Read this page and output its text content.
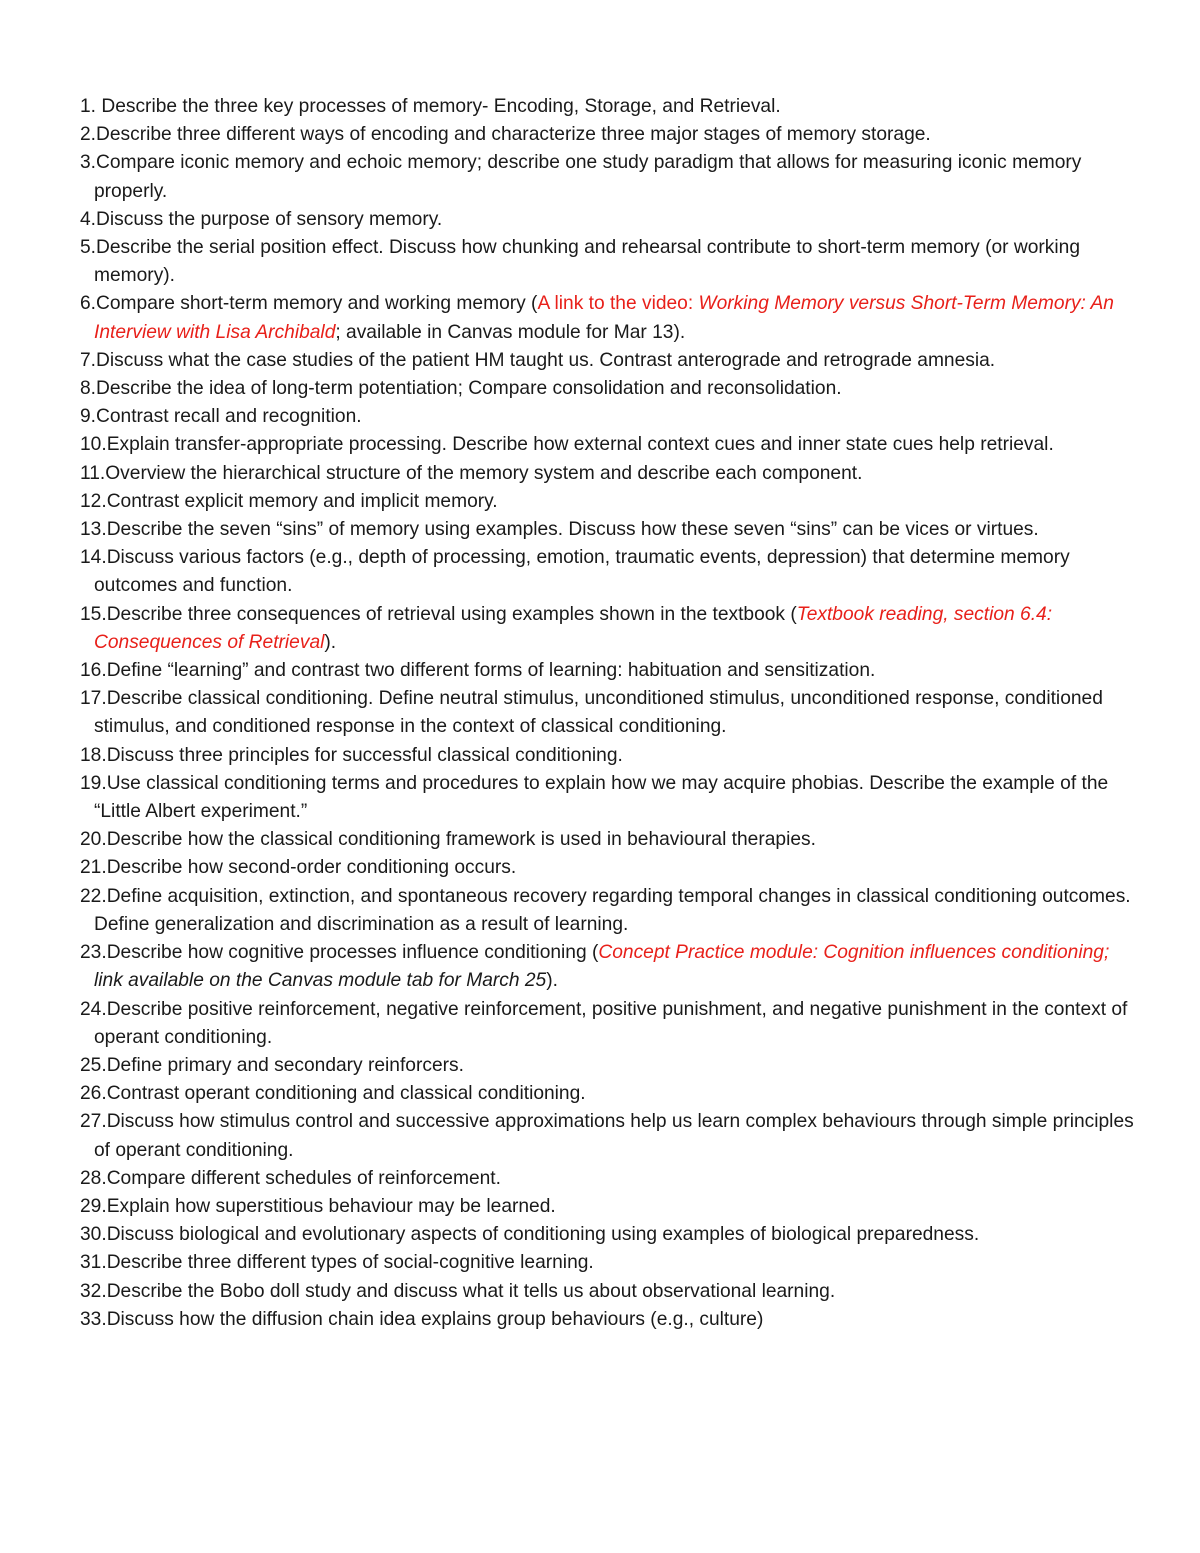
1. Describe the three key processes of memory- Encoding, Storage, and Retrieval.
2.Describe three different ways of encoding and characterize three major stages of memory storage.
3.Compare iconic memory and echoic memory; describe one study paradigm that allows for measuring iconic memory properly.
4.Discuss the purpose of sensory memory.
5.Describe the serial position effect. Discuss how chunking and rehearsal contribute to short-term memory (or working memory).
6.Compare short-term memory and working memory (A link to the video: Working Memory versus Short-Term Memory: An Interview with Lisa Archibald; available in Canvas module for Mar 13).
7.Discuss what the case studies of the patient HM taught us. Contrast anterograde and retrograde amnesia.
8.Describe the idea of long-term potentiation; Compare consolidation and reconsolidation.
9.Contrast recall and recognition.
10.Explain transfer-appropriate processing. Describe how external context cues and inner state cues help retrieval.
11.Overview the hierarchical structure of the memory system and describe each component.
12.Contrast explicit memory and implicit memory.
13.Describe the seven “sins” of memory using examples. Discuss how these seven “sins” can be vices or virtues.
14.Discuss various factors (e.g., depth of processing, emotion, traumatic events, depression) that determine memory outcomes and function.
15.Describe three consequences of retrieval using examples shown in the textbook (Textbook reading, section 6.4: Consequences of Retrieval).
16.Define “learning” and contrast two different forms of learning: habituation and sensitization.
17.Describe classical conditioning. Define neutral stimulus, unconditioned stimulus, unconditioned response, conditioned stimulus, and conditioned response in the context of classical conditioning.
18.Discuss three principles for successful classical conditioning.
19.Use classical conditioning terms and procedures to explain how we may acquire phobias. Describe the example of the “Little Albert experiment.”
20.Describe how the classical conditioning framework is used in behavioural therapies.
21.Describe how second-order conditioning occurs.
22.Define acquisition, extinction, and spontaneous recovery regarding temporal changes in classical conditioning outcomes. Define generalization and discrimination as a result of learning.
23.Describe how cognitive processes influence conditioning (Concept Practice module: Cognition influences conditioning; link available on the Canvas module tab for March 25).
24.Describe positive reinforcement, negative reinforcement, positive punishment, and negative punishment in the context of operant conditioning.
25.Define primary and secondary reinforcers.
26.Contrast operant conditioning and classical conditioning.
27.Discuss how stimulus control and successive approximations help us learn complex behaviours through simple principles of operant conditioning.
28.Compare different schedules of reinforcement.
29.Explain how superstitious behaviour may be learned.
30.Discuss biological and evolutionary aspects of conditioning using examples of biological preparedness.
31.Describe three different types of social-cognitive learning.
32.Describe the Bobo doll study and discuss what it tells us about observational learning.
33.Discuss how the diffusion chain idea explains group behaviours (e.g., culture)
